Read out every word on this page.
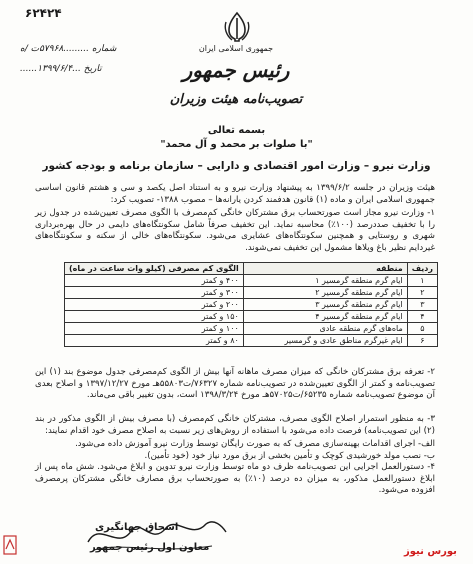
۶۲۴۲۴
شماره .........۵۷۹۶۸ت /ه
تاریخ ...۱۳۹۹/۶/۴......
جمهوری اسلامی ایران
رئیس جمهور
تصویب‌نامه هیئت وزیران
بسمه تعالی
"با صلوات بر محمد و آل محمد"
وزارت نیرو – وزارت امور اقتصادی و دارایی – سازمان برنامه و بودجه کشور
هیئت وزیران در جلسه ۱۳۹۹/۶/۲ به پیشنهاد وزارت نیرو و به استناد اصل یکصد و سی و هشتم قانون اساسی جمهوری اسلامی ایران و ماده (۱) قانون هدفمند کردن یارانه‌ها – مصوب ۱۳۸۸- تصویب کرد:
۱- وزارت نیرو مجاز است صورتحساب برق مشترکان خانگی کم‌مصرف با الگوی مصرف تعیین‌شده در جدول زیر را با تخفیف صددرصد (۱۰۰٪) محاسبه نماید. این تخفیف صرفاً شامل سکونتگاه‌های دایمی در حال بهره‌برداری شهری و روستایی و همچنین سکونتگاه‌های عشایری می‌شود. سکونتگاه‌های خالی از سکنه و سکونتگاه‌های غیردایم نظیر باغ ویلاها مشمول این تخفیف نمی‌شوند.
ردیف	منطقه	الگوی کم مصرفی (کیلو وات ساعت در ماه)
۱	ایام گرم منطقه گرمسیر ۱	۴۰۰ و کمتر
۲	ایام گرم منطقه گرمسیر ۲	۳۰۰ و کمتر
۳	ایام گرم منطقه گرمسیر ۳	۲۰۰ و کمتر
۴	ایام گرم منطقه گرمسیر ۴	۱۵۰ و کمتر
۵	ماه‌های گرم منطقه عادی	۱۰۰ و کمتر
۶	ایام غیرگرم مناطق عادی و گرمسیر	۸۰ و کمتر
۲- تعرفه برق مشترکان خانگی که میزان مصرف ماهانه آنها بیش از الگوی کم‌مصرفی جدول موضوع بند (۱) این تصویب‌نامه و کمتر از الگوی تعیین‌شده در تصویب‌نامه شماره ۷۶۳۲۷/ت۵۵۸۰۳هـ مورخ ۱۳۹۷/۱۲/۲۷ و اصلاح بعدی آن موضوع تصویب‌نامه شماره ۶۵۲۳۵/ت۵۷۰۲۵هـ مورخ ۱۳۹۸/۳/۲۴ است، بدون تغییر باقی می‌ماند.
۳- به منظور استمرار اصلاح الگوی مصرف، مشترکان خانگی کم‌مصرف (با مصرف بیش از الگوی مذکور در بند (۲) این تصویب‌نامه) فرصت داده می‌شود با استفاده از روش‌های زیر نسبت به اصلاح مصرف خود اقدام نمایند:
الف- اجرای اقدامات بهینه‌سازی مصرف که به صورت رایگان توسط وزارت نیرو آموزش داده می‌شود.
ب- نصب مولد خورشیدی کوچک و تأمین بخشی از برق مورد نیاز خود (خود تأمین).
۴- دستورالعمل اجرایی این تصویب‌نامه ظرف دو ماه توسط وزارت نیرو تدوین و ابلاغ می‌شود. شش ماه پس از ابلاغ دستورالعمل مذکور، به میزان ده درصد (۱۰٪) به صورتحساب برق مصارف خانگی مشترکان پرمصرف افزوده می‌شود.
اسحاق جهانگیری
معاون اول رئیس جمهور	بورس نیوز
